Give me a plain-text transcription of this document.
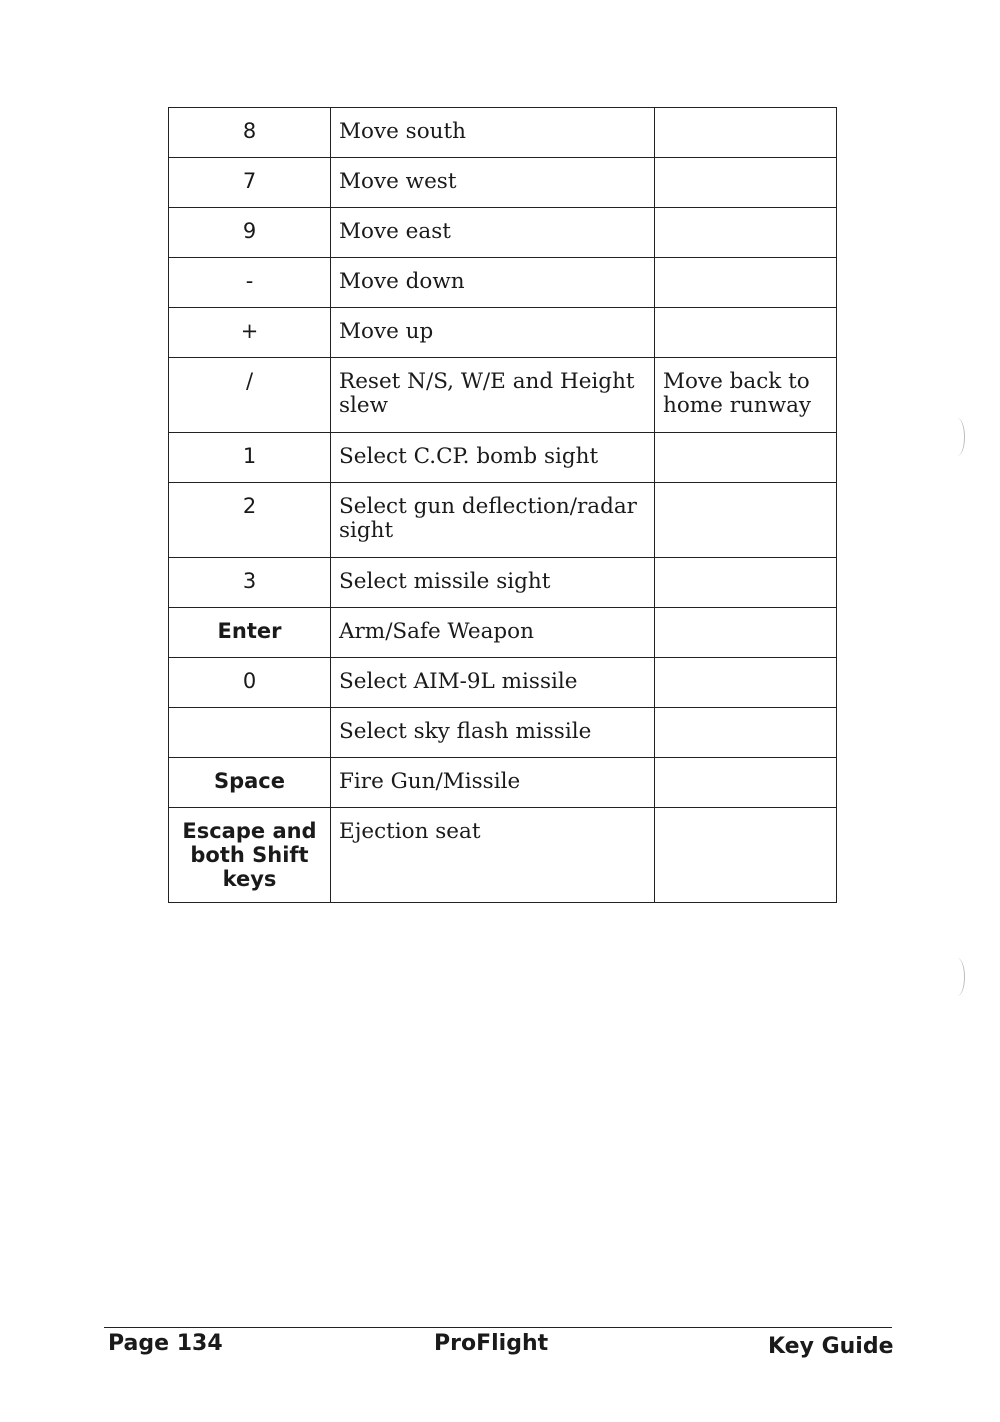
8	Move south	
7	Move west	
9	Move east	
-	Move down	
+	Move up	
/	Reset N/S, W/E and Height slew	Move back to home runway
1	Select C.CP. bomb sight	
2	Select gun deflection/radar sight	
3	Select missile sight	
Enter	Arm/Safe Weapon	
0	Select AIM-9L missile	
	Select sky flash missile	
Space	Fire Gun/Missile	
Escape and both Shift keys	Ejection seat	
Page 134	ProFlight	Key Guide
